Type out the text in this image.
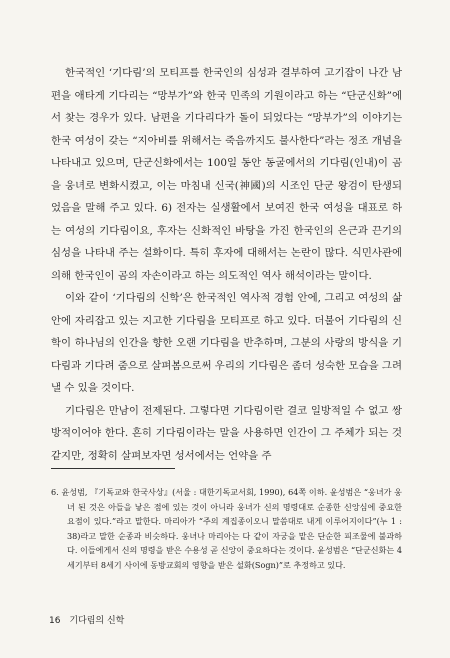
한국적인 ‘기다림’의 모티프를 한국인의 심성과 결부하여 고기잡이 나간 남편을 애타게 기다리는 “망부가”와 한국 민족의 기원이라고 하는 “단군신화”에서 찾는 경우가 있다. 남편을 기다리다가 돌이 되었다는 “망부가”의 이야기는 한국 여성이 갖는 “지아비를 위해서는 죽음까지도 불사한다”라는 정조 개념을 나타내고 있으며, 단군신화에서는 100일 동안 동굴에서의 기다림(인내)이 곰을 웅녀로 변화시켰고, 이는 마침내 신국(神國)의 시조인 단군 왕검이 탄생되었음을 말해 주고 있다. 6) 전자는 실생활에서 보여진 한국 여성을 대표로 하는 여성의 기다림이요, 후자는 신화적인 바탕을 가진 한국인의 은근과 끈기의 심성을 나타내 주는 설화이다. 특히 후자에 대해서는 논란이 많다. 식민사관에 의해 한국인이 곰의 자손이라고 하는 의도적인 역사 해석이라는 말이다.

이와 같이 ‘기다림의 신학’은 한국적인 역사적 경험 안에, 그리고 여성의 삶 안에 자리잡고 있는 지고한 기다림을 모티프로 하고 있다. 더불어 기다림의 신학이 하나님의 인간을 향한 오랜 기다림을 반추하며, 그분의 사랑의 방식을 기다림과 기다려 줌으로 살펴봄으로써 우리의 기다림은 좀더 성숙한 모습을 그려 낼 수 있을 것이다.

기다림은 만남이 전제된다. 그렇다면 기다림이란 결코 일방적일 수 없고 쌍방적이어야 한다. 흔히 기다림이라는 말을 사용하면 인간이 그 주체가 되는 것 같지만, 정확히 살펴보자면 성서에서는 언약을 주

6. 윤성범, 『기독교와 한국사상』(서울 : 대한기독교서회, 1990), 64쪽 이하. 윤성범은 “웅녀가 웅녀 된 것은 아들을 낳은 점에 있는 것이 아니라 웅녀가 신의 명령대로 순종한 신앙심에 중요한 요점이 있다.”라고 말한다. 마리아가 “주의 계집종이오니 말씀대로 내게 이루어지이다”(누 1 : 38)라고 말한 순종과 비슷하다. 웅녀나 마리아는 다 같이 자궁을 맡은 단순한 피조물에 불과하다. 이들에게서 신의 명령을 받은 수용성 곧 신앙이 중요하다는 것이다. 윤성범은 “단군신화는 4세기부터 8세기 사이에 동방교회의 영향을 받은 설화(Sogn)”로 추정하고 있다.
16 기다림의 신학
